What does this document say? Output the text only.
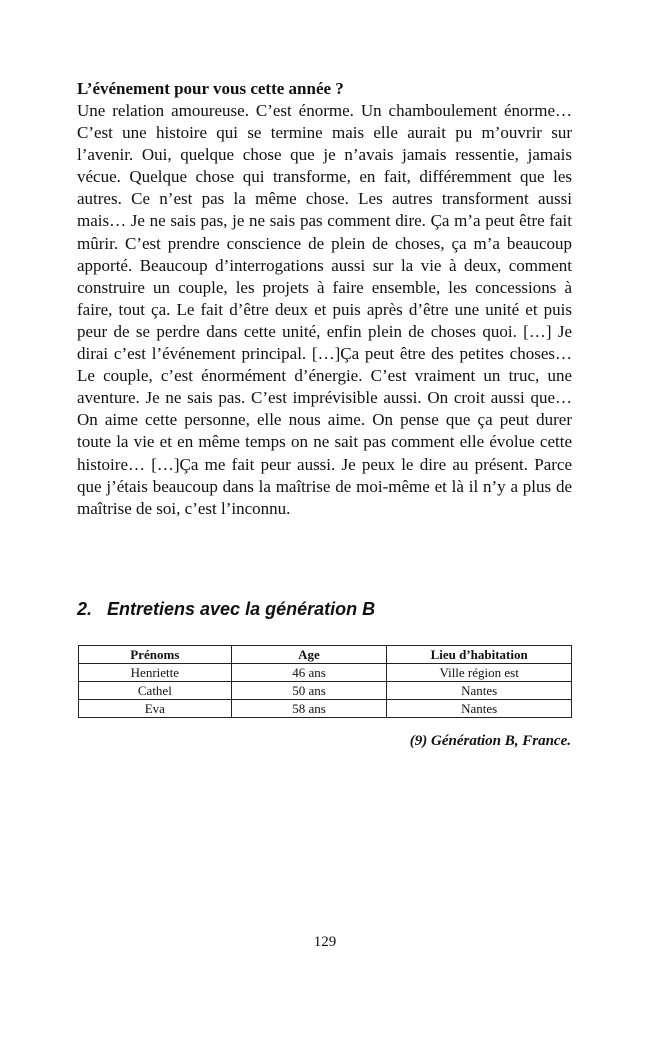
L’événement pour vous cette année ?

Une relation amoureuse. C’est énorme. Un chamboulement énorme… C’est une histoire qui se termine mais elle aurait pu m’ouvrir sur l’avenir. Oui, quelque chose que je n’avais jamais ressentie, jamais vécue. Quelque chose qui transforme, en fait, différemment que les autres. Ce n’est pas la même chose. Les autres transforment aussi mais… Je ne sais pas, je ne sais pas comment dire. Ça m’a peut être fait mûrir. C’est prendre conscience de plein de choses, ça m’a beaucoup apporté. Beaucoup d’interrogations aussi sur la vie à deux, comment construire un couple, les projets à faire ensemble, les concessions à faire, tout ça. Le fait d’être deux et puis après d’être une unité et puis peur de se perdre dans cette unité, enfin plein de choses quoi. […] Je dirai c’est l’événement principal. […]Ça peut être des petites choses… Le couple, c’est énormément d’énergie. C’est vraiment un truc, une aventure. Je ne sais pas. C’est imprévisible aussi. On croit aussi que… On aime cette personne, elle nous aime. On pense que ça peut durer toute la vie et en même temps on ne sait pas comment elle évolue cette histoire… […]Ça me fait peur aussi. Je peux le dire au présent. Parce que j’étais beaucoup dans la maîtrise de moi-même et là il n’y a plus de maîtrise de soi, c’est l’inconnu.

2. Entretiens avec la génération B
Prénoms	Age	Lieu d’habitation
Henriette	46 ans	Ville région est
Cathel	50 ans	Nantes
Eva	58 ans	Nantes

(9) Génération B, France.

129
